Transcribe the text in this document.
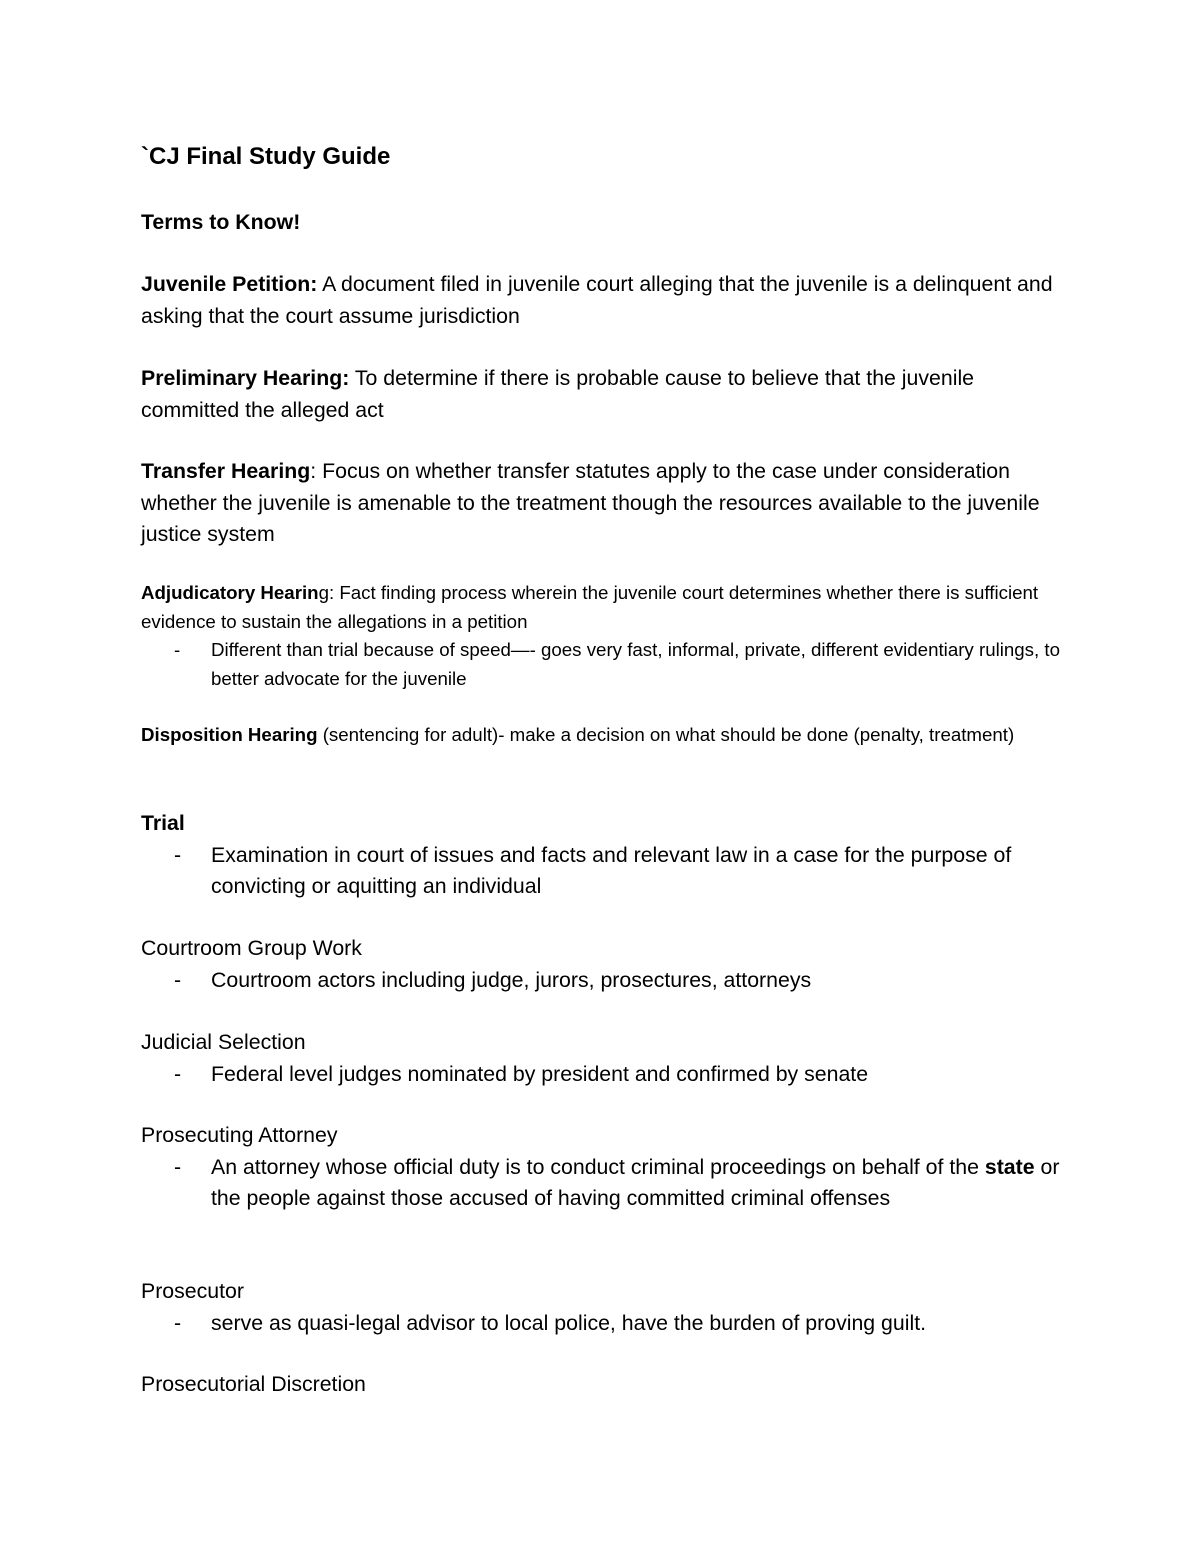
`CJ Final Study Guide
Terms to Know!

Juvenile Petition: A document filed in juvenile court alleging that the juvenile is a delinquent and asking that the court assume jurisdiction

Preliminary Hearing: To determine if there is probable cause to believe that the juvenile committed the alleged act

Transfer Hearing: Focus on whether transfer statutes apply to the case under consideration whether the juvenile is amenable to the treatment though the resources available to the juvenile justice system

Adjudicatory Hearing: Fact finding process wherein the juvenile court determines whether there is sufficient evidence to sustain the allegations in a petition

- Different than trial because of speed—- goes very fast, informal, private, different evidentiary rulings, to better advocate for the juvenile

Disposition Hearing (sentencing for adult)- make a decision on what should be done (penalty, treatment)

Trial
- Examination in court of issues and facts and relevant law in a case for the purpose of convicting or aquitting an individual
Courtroom Group Work
- Courtroom actors including judge, jurors, prosectures, attorneys
Judicial Selection
- Federal level judges nominated by president and confirmed by senate
Prosecuting Attorney
- An attorney whose official duty is to conduct criminal proceedings on behalf of the state or the people against those accused of having committed criminal offenses
Prosecutor
- serve as quasi-legal advisor to local police, have the burden of proving guilt.
Prosecutorial Discretion
